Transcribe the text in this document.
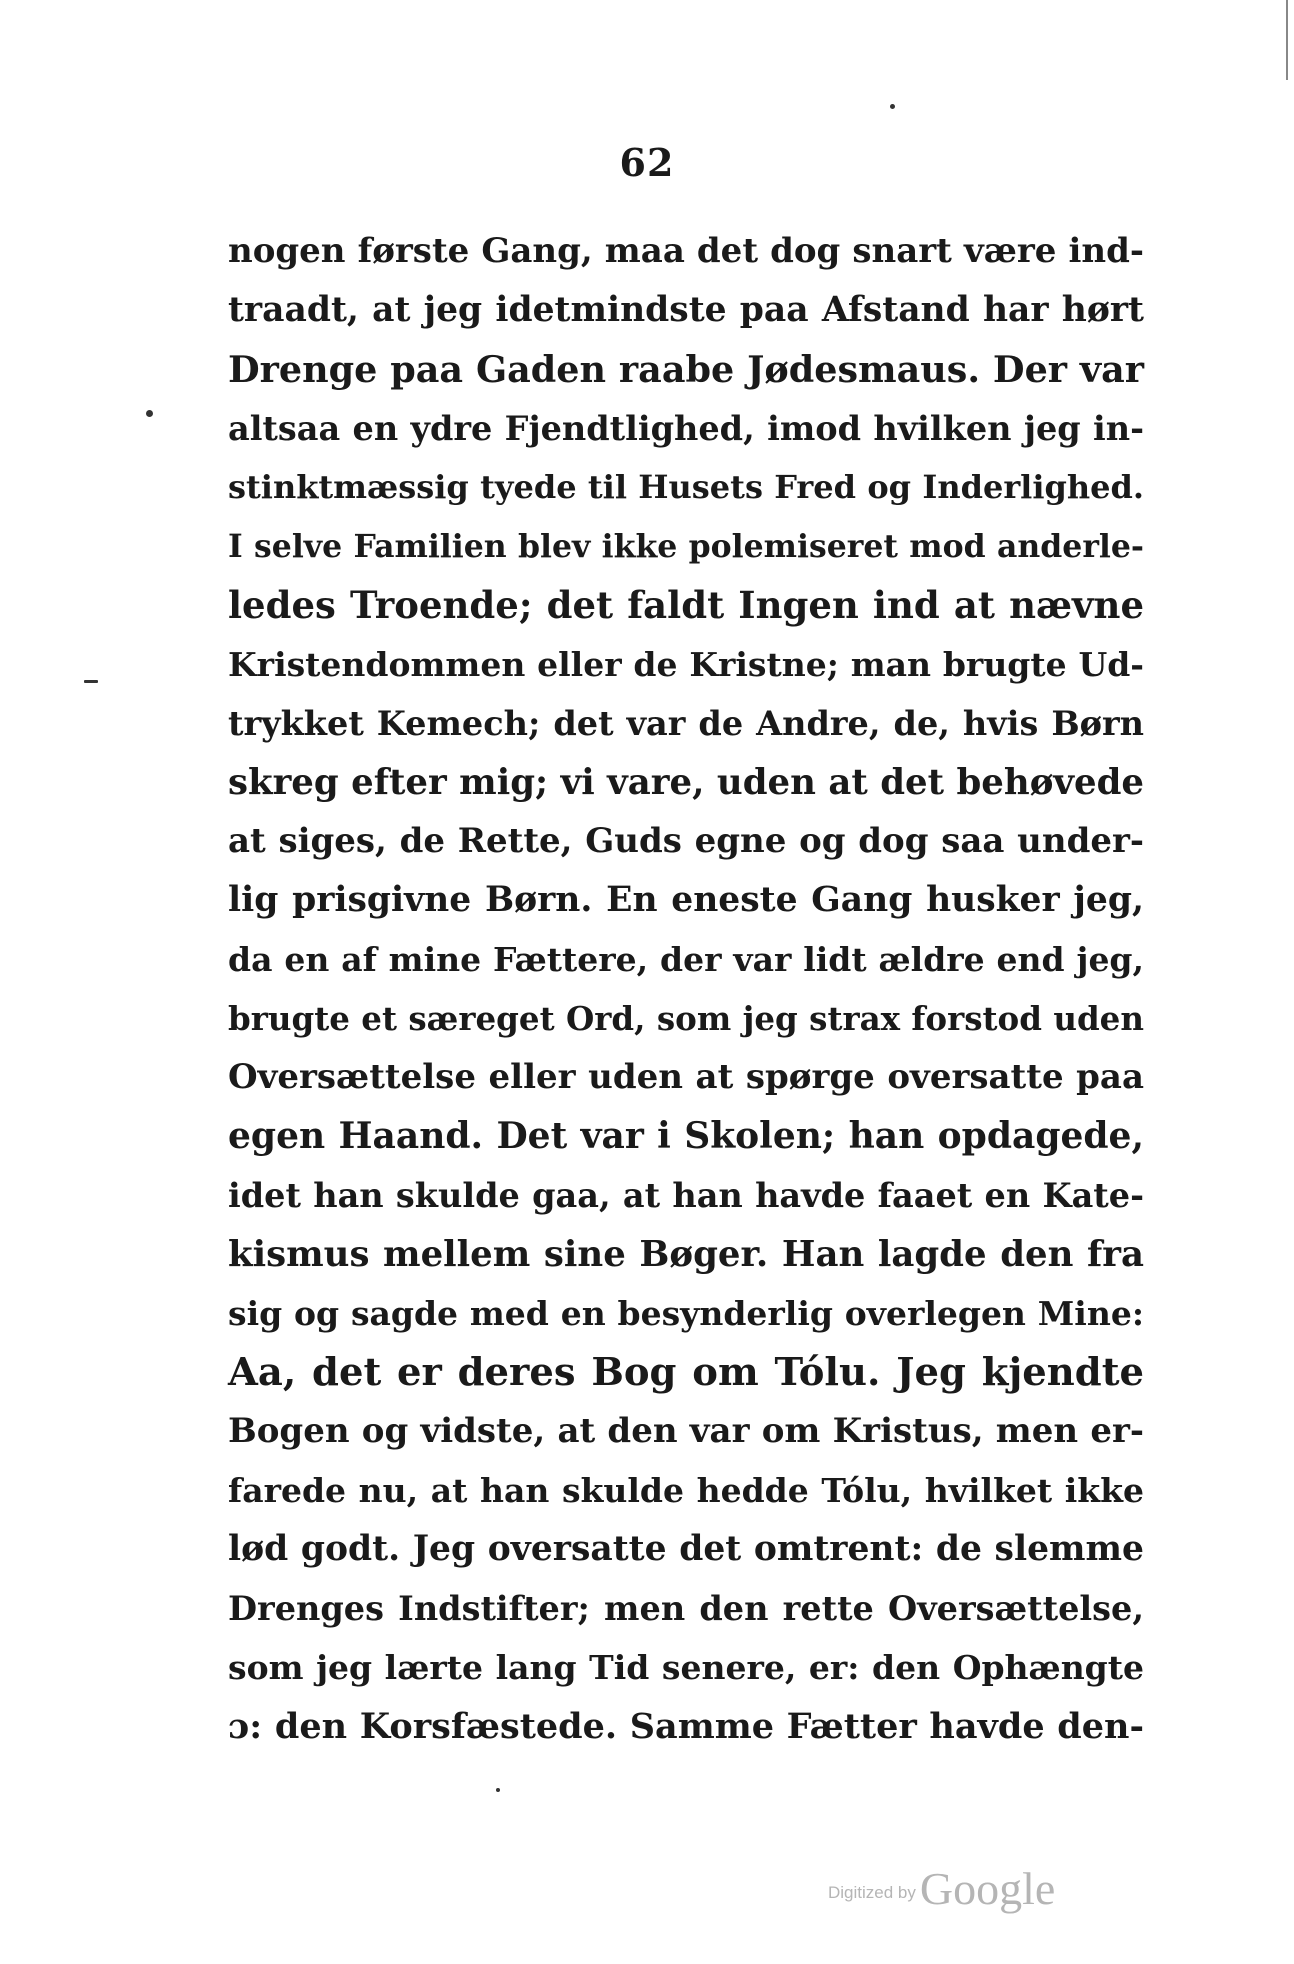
62
nogen første Gang, maa det dog snart være ind-
traadt, at jeg idetmindste paa Afstand har hørt
Drenge paa Gaden raabe Jødesmaus. Der var
altsaa en ydre Fjendtlighed, imod hvilken jeg in-
stinktmæssig tyede til Husets Fred og Inderlighed.
I selve Familien blev ikke polemiseret mod anderle-
ledes Troende; det faldt Ingen ind at nævne
Kristendommen eller de Kristne; man brugte Ud-
trykket Kemech; det var de Andre, de, hvis Børn
skreg efter mig; vi vare, uden at det behøvede
at siges, de Rette, Guds egne og dog saa under-
lig prisgivne Børn. En eneste Gang husker jeg,
da en af mine Fættere, der var lidt ældre end jeg,
brugte et særeget Ord, som jeg strax forstod uden
Oversættelse eller uden at spørge oversatte paa
egen Haand. Det var i Skolen; han opdagede,
idet han skulde gaa, at han havde faaet en Kate-
kismus mellem sine Bøger. Han lagde den fra
sig og sagde med en besynderlig overlegen Mine:
Aa, det er deres Bog om Tólu. Jeg kjendte
Bogen og vidste, at den var om Kristus, men er-
farede nu, at han skulde hedde Tólu, hvilket ikke
lød godt. Jeg oversatte det omtrent: de slemme
Drenges Indstifter; men den rette Oversættelse,
som jeg lærte lang Tid senere, er: den Ophængte
ɔ: den Korsfæstede. Samme Fætter havde den-
Digitized by Google
